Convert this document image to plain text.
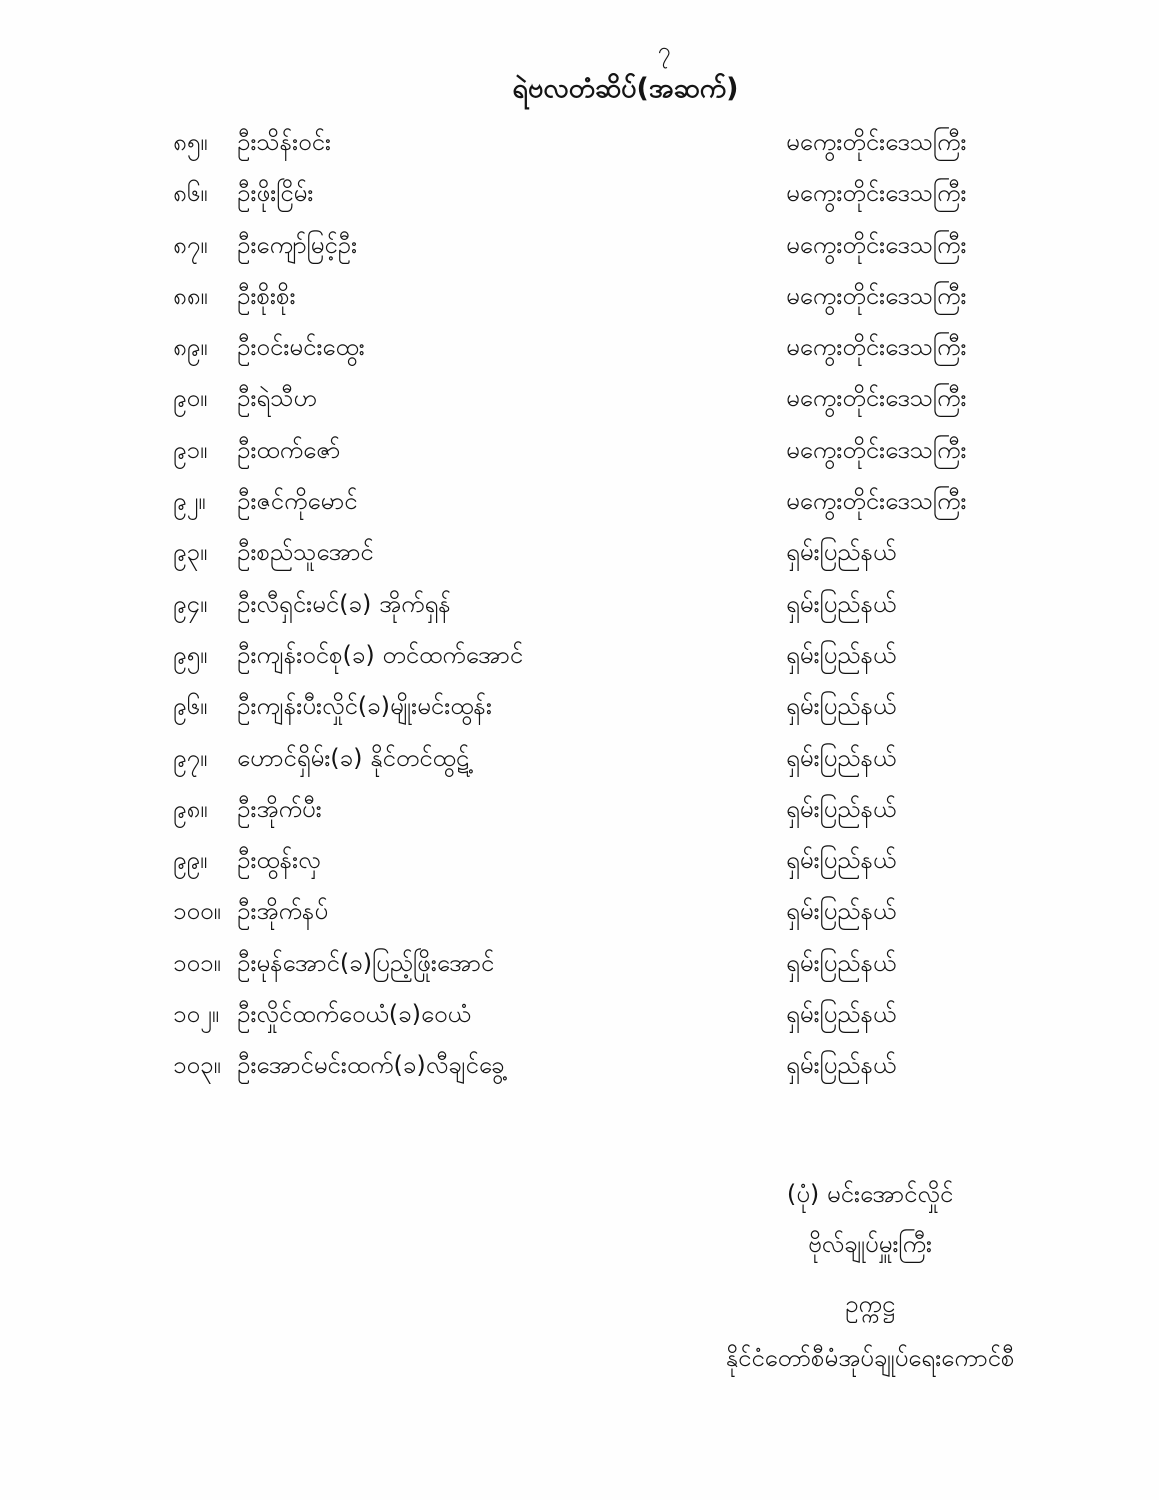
၇
ရဲဗလတံဆိပ်(အဆက်)
၈၅။	ဦးသိန်းဝင်း	မကွေးတိုင်းဒေသကြီး
၈၆။	ဦးဖိုးငြိမ်း	မကွေးတိုင်းဒေသကြီး
၈၇။	ဦးကျော်မြင့်ဦး	မကွေးတိုင်းဒေသကြီး
၈၈။	ဦးစိုးစိုး	မကွေးတိုင်းဒေသကြီး
၈၉။	ဦးဝင်းမင်းထွေး	မကွေးတိုင်းဒေသကြီး
၉၀။	ဦးရဲသီဟ	မကွေးတိုင်းဒေသကြီး
၉၁။	ဦးထက်ဇော်	မကွေးတိုင်းဒေသကြီး
၉၂။	ဦးဇင်ကိုမောင်	မကွေးတိုင်းဒေသကြီး
၉၃။	ဦးစည်သူအောင်	ရှမ်းပြည်နယ်
၉၄။	ဦးလီရှင်းမင်(ခ) အိုက်ရှန်	ရှမ်းပြည်နယ်
၉၅။	ဦးကျန်းဝင်စု(ခ) တင်ထက်အောင်	ရှမ်းပြည်နယ်
၉၆။	ဦးကျန်းပီးလှိုင်(ခ)မျိုးမင်းထွန်း	ရှမ်းပြည်နယ်
၉၇။	ဟောင်ရှိမ်း(ခ) နိုင်တင်ထွဋ့်	ရှမ်းပြည်နယ်
၉၈။	ဦးအိုက်ပီး	ရှမ်းပြည်နယ်
၉၉။	ဦးထွန်းလှ	ရှမ်းပြည်နယ်
၁၀၀။ ဦးအိုက်နပ်	ရှမ်းပြည်နယ်
၁၀၁။ ဦးမုန်အောင်(ခ)ပြည့်ဖြိုးအောင်	ရှမ်းပြည်နယ်
၁၀၂။ ဦးလှိုင်ထက်ဝေယံ(ခ)ဝေယံ	ရှမ်းပြည်နယ်
၁၀၃။ ဦးအောင်မင်းထက်(ခ)လီချင်ခွေ့	ရှမ်းပြည်နယ်
(ပုံ) မင်းအောင်လှိုင်
ဗိုလ်ချုပ်မှူးကြီး
ဥက္ကဋ္ဌ
နိုင်ငံတော်စီမံအုပ်ချုပ်ရေးကောင်စီ
